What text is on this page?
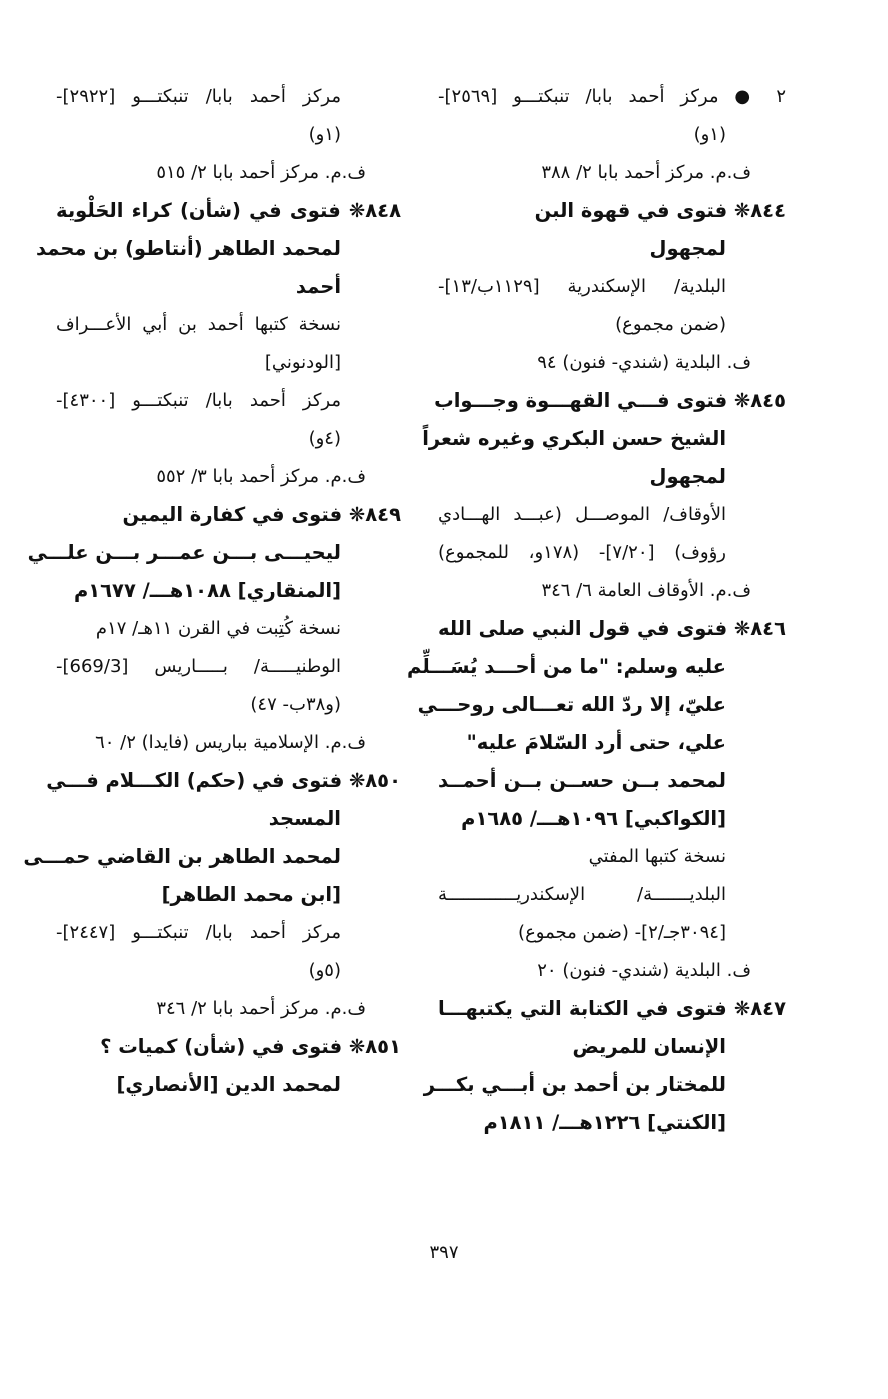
٢ ● مركز أحمد بابا/ تنبكتـــو [٢٥٦٩]-
(١و)
ف.م. مركز أحمد بابا ٢/ ٣٨٨
٨٤٤❋ فتوى في قهوة البن
لمجهول
البلدية/ الإسكندرية [١١٢٩ب/١٣]-
(ضمن مجموع)
ف. البلدية (شندي- فنون) ٩٤
٨٤٥❋ فتوى فـــي القهـــوة وجـــواب
الشيخ حسن البكري وغيره شعراً
لمجهول
الأوقاف/ الموصـــل (عبـــد الهـــادي
رؤوف) [٧/٢٠]- (١٧٨و، للمجموع)
ف.م. الأوقاف العامة ٦/ ٣٤٦
٨٤٦❋ فتوى في قول النبي صلى الله
عليه وسلم: "ما من أحـــد يُسَـــلِّم
عليّ، إلا ردّ الله تعـــالى روحـــي
علي، حتى أرد السّلامَ عليه"
لمحمد بــن حســن بــن أحمــد
[الكواكبي] ١٠٩٦هـــ/ ١٦٨٥م
نسخة كتبها المفتي
البلديـــــــة/ الإسكندريـــــــــــــة
[٣٠٩٤جـ/٢]- (ضمن مجموع)
ف. البلدية (شندي- فنون) ٢٠
٨٤٧❋ فتوى في الكتابة التي يكتبهـــا
الإنسان للمريض
للمختار بن أحمد بن أبـــي بكـــر
[الكنتي] ١٢٢٦هـــ/ ١٨١١م
مركز أحمد بابا/ تنبكتـــو [٢٩٢٢]-
(١و)
ف.م. مركز أحمد بابا ٢/ ٥١٥
٨٤٨❋ فتوى في (شأن) كراء الحَلْوية
لمحمد الطاهر (أنتاطو) بن محمد
أحمد
نسخة كتبها أحمد بن أبي الأعـــراف
[الودنوني]
مركز أحمد بابا/ تنبكتـــو [٤٣٠٠]-
(٤و)
ف.م. مركز أحمد بابا ٣/ ٥٥٢
٨٤٩❋ فتوى في كفارة اليمين
ليحيـــى بـــن عمـــر بـــن علـــي
[المنقاري] ١٠٨٨هـــ/ ١٦٧٧م
نسخة كُتِبت في القرن ١١هـ/ ١٧م
الوطنيـــــة/ بـــــاريس [669/3]-
(و٣٨ب- ٤٧)
ف.م. الإسلامية بباريس (فايدا) ٢/ ٦٠
٨٥٠❋ فتوى في (حكم) الكـــلام فـــي
المسجد
لمحمد الطاهر بن القاضي حمـــى
[ابن محمد الطاهر]
مركز أحمد بابا/ تنبكتـــو [٢٤٤٧]-
(٥و)
ف.م. مركز أحمد بابا ٢/ ٣٤٦
٨٥١❋ فتوى في (شأن) كميات ؟
لمحمد الدين [الأنصاري]
٣٩٧
